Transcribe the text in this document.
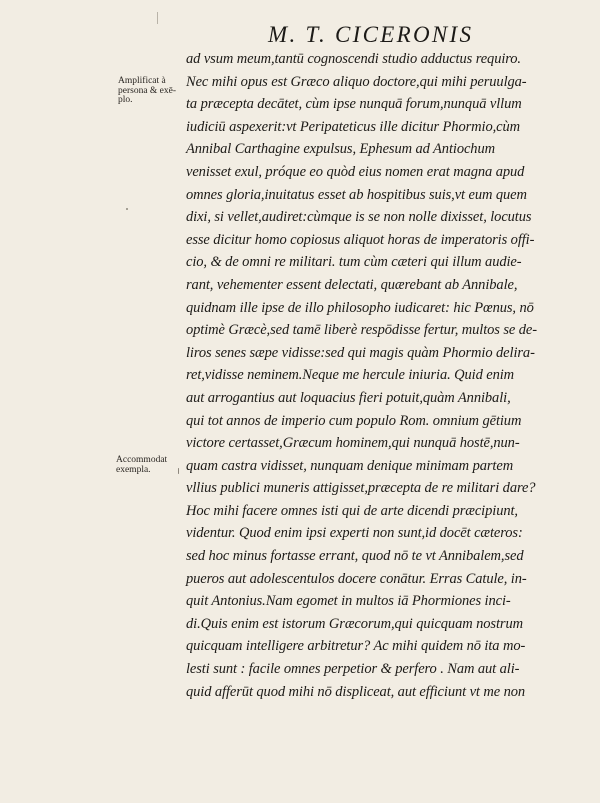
M. T. CICERONIS
Amplificat à
persona & exē-
plo.
Accommodat
exempla.
ad vsum meum,tantū cognoscendi studio adductus requiro.
Nec mihi opus est Græco aliquo doctore,qui mihi peruulga-
ta præcepta decātet, cùm ipse nunquā forum,nunquā vllum
iudiciū aspexerit:vt Peripateticus ille dicitur Phormio,cùm
Annibal Carthagine expulsus, Ephesum ad Antiochum
venisset exul, próque eo quòd eius nomen erat magna apud
omnes gloria,inuitatus esset ab hospitibus suis,vt eum quem
dixi, si vellet,audiret:cùmque is se non nolle dixisset, locutus
esse dicitur homo copiosus aliquot horas de imperatoris offi-
cio, & de omni re militari. tum cùm cæteri qui illum audie-
rant, vehementer essent delectati, quærebant ab Annibale,
quidnam ille ipse de illo philosopho iudicaret: hic Pœnus, nō
optimè Græcè,sed tamē liberè respōdisse fertur, multos se de-
liros senes sæpe vidisse:sed qui magis quàm Phormio delira-
ret,vidisse neminem.Neque me hercule iniuria. Quid enim
aut arrogantius aut loquacius fieri potuit,quàm Annibali,
qui tot annos de imperio cum populo Rom. omnium gētium
victore certasset,Græcum hominem,qui nunquā hostē,nun-
quam castra vidisset, nunquam denique minimam partem
vllius publici muneris attigisset,præcepta de re militari dare?
Hoc mihi facere omnes isti qui de arte dicendi præcipiunt,
videntur. Quod enim ipsi experti non sunt,id docēt cæteros:
sed hoc minus fortasse errant, quod nō te vt Annibalem,sed
pueros aut adolescentulos docere conātur. Erras Catule, in-
quit Antonius.Nam egomet in multos iā Phormiones inci-
di.Quis enim est istorum Græcorum,qui quicquam nostrum
quicquam intelligere arbitretur? Ac mihi quidem nō ita mo-
lesti sunt : facile omnes perpetior & perfero . Nam aut ali-
quid afferūt quod mihi nō displiceat, aut efficiunt vt me non
